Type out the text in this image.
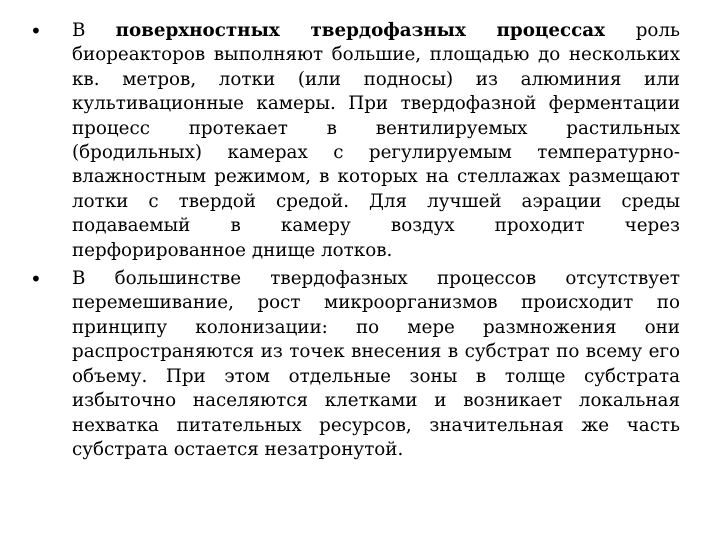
•	В поверхностных твердофазных процессах роль биореакторов выполняют большие, площадью до нескольких кв. метров, лотки (или подносы) из алюминия или культивационные камеры. При твердофазной ферментации процесс протекает в вентилируемых растильных (бродильных) камерах с регулируемым температурно-влажностным режимом, в которых на стеллажах размещают лотки с твердой средой. Для лучшей аэрации среды подаваемый в камеру воздух проходит через перфорированное днище лотков.
•	В большинстве твердофазных процессов отсутствует перемешивание, рост микроорганизмов происходит по принципу колонизации: по мере размножения они распространяются из точек внесения в субстрат по всему его объему. При этом отдельные зоны в толще субстрата избыточно населяются клетками и возникает локальная нехватка питательных ресурсов, значительная же часть субстрата остается незатронутой.
